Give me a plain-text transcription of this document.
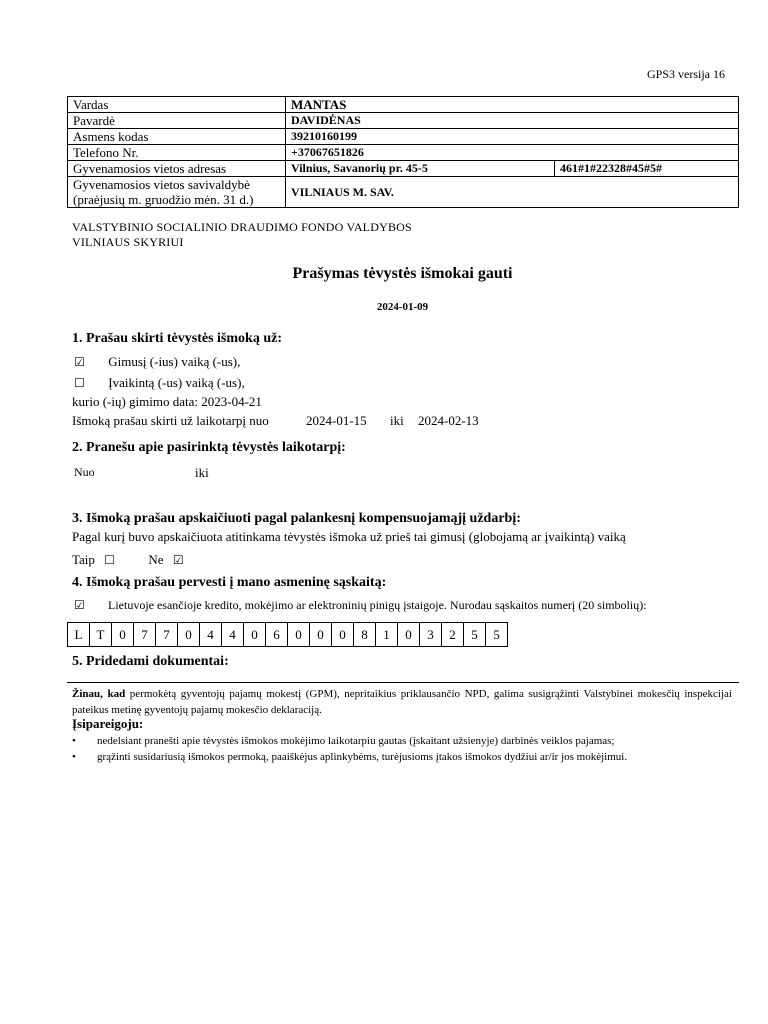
GPS3 versija 16
Vardas	MANTAS	
Pavardė	DAVIDĖNAS	
Asmens kodas	39210160199	
Telefono Nr.	+37067651826	
Gyvenamosios vietos adresas	Vilnius, Savanorių pr. 45-5	461#1#22328#45#5#

Gyvenamosios vietos savivaldybė
(praėjusių m. gruodžio mėn. 31 d.)	VILNIAUS M. SAV.	
VALSTYBINIO SOCIALINIO DRAUDIMO FONDO VALDYBOS
VILNIAUS SKYRIUI
Prašymas tėvystės išmokai gauti
2024-01-09
1. Prašau skirti tėvystės išmoką už:
☑ Gimusį (-ius) vaiką (-us),
☐ Įvaikintą (-us) vaiką (-us),
kurio (-ių) gimimo data: 2023-04-21
Išmoką prašau skirti už laikotarpį nuo	2024-01-15 iki 2024-02-13
2. Pranešu apie pasirinktą tėvystės laikotarpį:
Nuo	iki
3. Išmoką prašau apskaičiuoti pagal palankesnį kompensuojamąjį uždarbį:
Pagal kurį buvo apskaičiuota atitinkama tėvystės išmoka už prieš tai gimusį (globojamą ar įvaikintą) vaiką
Taip ☐	Ne ☑
4. Išmoką prašau pervesti į mano asmeninę sąskaitą:
☑ Lietuvoje esančioje kredito, mokėjimo ar elektroninių pinigų įstaigoje. Nurodau sąskaitos numerį (20 simbolių):
L	T	0	7	7	0	4	4	0	6	0	0	0	8	1	0	3	2	5	5
5. Pridedami dokumentai:
Žinau, kad permokėtą gyventojų pajamų mokestį (GPM), nepritaikius priklausančio NPD, galima susigrąžinti Valstybinei mokesčių inspekcijai pateikus metinę gyventojų pajamų mokesčio deklaraciją.
Įsipareigoju:
• nedelsiant pranešti apie tėvystės išmokos mokėjimo laikotarpiu gautas (įskaitant užsienyje) darbinės veiklos pajamas;
• grąžinti susidariusią išmokos permoką, paaiškėjus aplinkybėms, turėjusioms įtakos išmokos dydžiui ar/ir jos mokėjimui.
